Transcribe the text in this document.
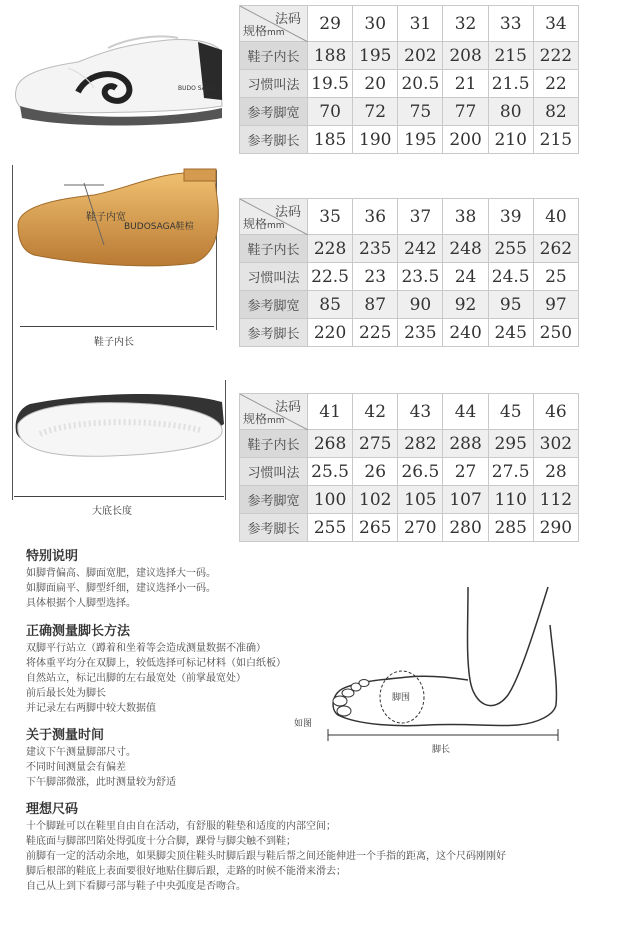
BUDO SAGA
鞋子内宽
BUDOSAGA鞋楦
鞋子内长
大底长度
法码
规格mm	29	30	31	32	33	34
鞋子内长	188	195	202	208	215	222
习惯叫法	19.5	20	20.5	21	21.5	22
参考脚宽	70	72	75	77	80	82
参考脚长	185	190	195	200	210	215
法码
规格mm	35	36	37	38	39	40
鞋子内长	228	235	242	248	255	262
习惯叫法	22.5	23	23.5	24	24.5	25
参考脚宽	85	87	90	92	95	97
参考脚长	220	225	235	240	245	250
法码
规格mm	41	42	43	44	45	46
鞋子内长	268	275	282	288	295	302
习惯叫法	25.5	26	26.5	27	27.5	28
参考脚宽	100	102	105	107	110	112
参考脚长	255	265	270	280	285	290
特别说明

如脚背偏高、脚面宽肥，建议选择大一码。

如脚面扁平、脚型纤细，建议选择小一码。

具体根据个人脚型选择。

正确测量脚长方法

双脚平行站立（蹲着和坐着等会造成测量数据不准确）

将体重平均分在双脚上，较低选择可标记材料（如白纸板）

自然站立，标记出脚的左右最宽处（前掌最宽处）

前后最长处为脚长

并记录左右两脚中较大数据值

关于测量时间

建议下午测量脚部尺寸。

不同时间测量会有偏差

下午脚部微涨，此时测量较为舒适

理想尺码

十个脚趾可以在鞋里自由自在活动，有舒服的鞋垫和适度的内部空间；

鞋底面与脚部凹陷处得弧度十分合脚，踝骨与脚尖触不到鞋；

前脚有一定的活动余地，如果脚尖顶住鞋头时脚后跟与鞋后帮之间还能伸进一个手指的距离，这个尺码刚刚好

脚后根部的鞋底上表面要很好地贴住脚后跟，走路的时候不能滑来滑去；

自己从上到下看脚弓部与鞋子中央弧度是否吻合。

脚围
如图
脚长
